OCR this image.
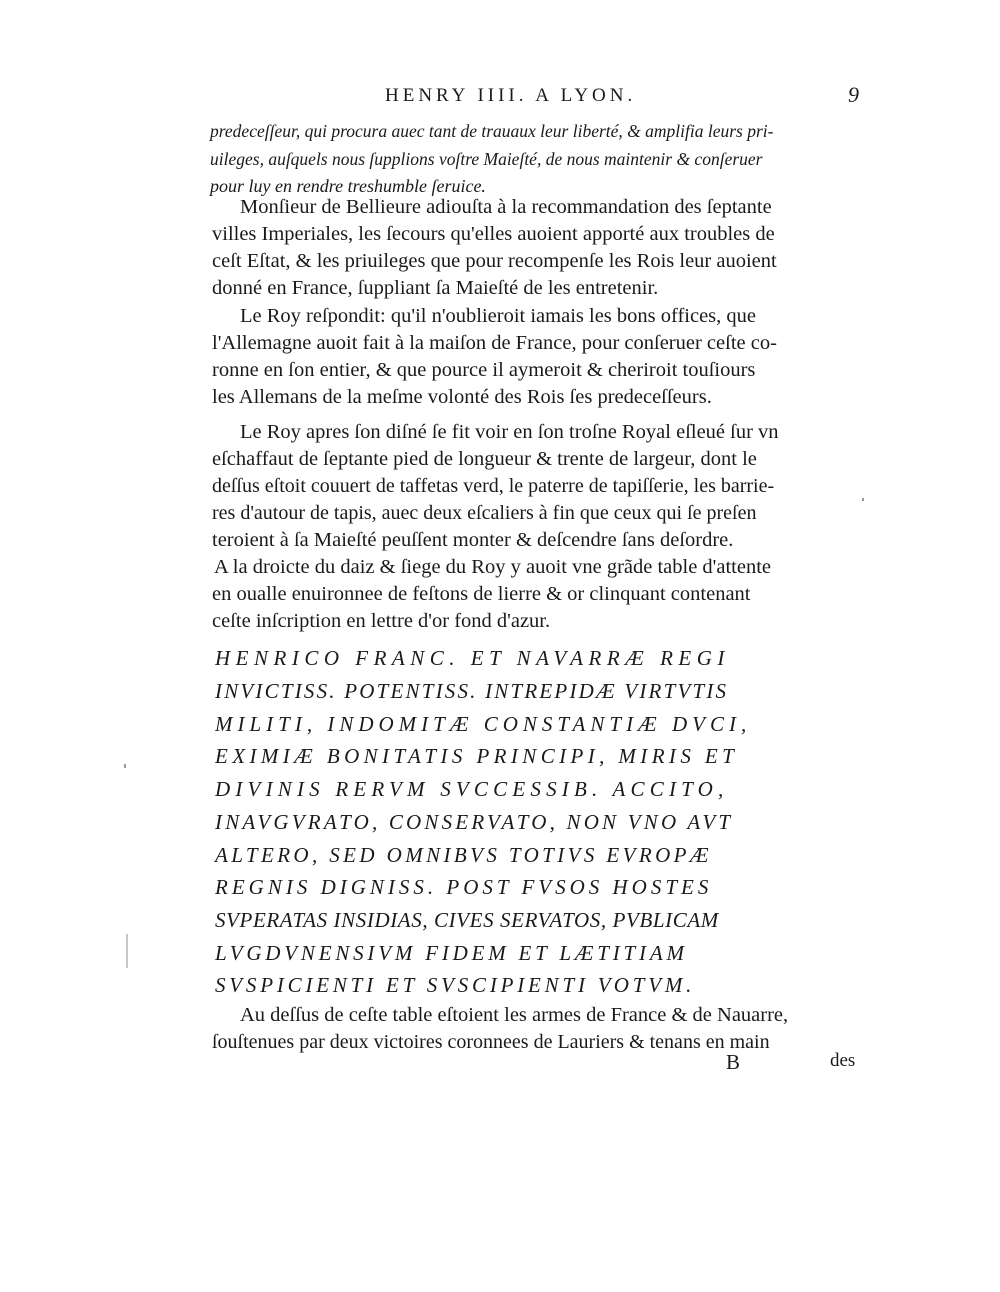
HENRY IIII. A LYON.	9
predeceſſeur, qui procura auec tant de trauaux leur liberté, & amplifia leurs pri-
uileges, auſquels nous ſupplions voſtre Maieſté, de nous maintenir & conſeruer
pour luy en rendre treshumble ſeruice.
Monſieur de Bellieure adiouſta à la recommandation des ſeptante
villes Imperiales, les ſecours qu'elles auoient apporté aux troubles de
ceſt Eſtat, & les priuileges que pour recompenſe les Rois leur auoient
donné en France, ſuppliant ſa Maieſté de les entretenir.
Le Roy reſpondit: qu'il n'oublieroit iamais les bons offices, que
l'Allemagne auoit fait à la maiſon de France, pour conſeruer ceſte co-
ronne en ſon entier, & que pource il aymeroit & cheriroit touſiours
les Allemans de la meſme volonté des Rois ſes predeceſſeurs.
Le Roy apres ſon diſné ſe fit voir en ſon troſne Royal eſleué ſur vn
eſchaffaut de ſeptante pied de longueur & trente de largeur, dont le
deſſus eſtoit couuert de taffetas verd, le paterre de tapiſſerie, les barrie-
res d'autour de tapis, auec deux eſcaliers à fin que ceux qui ſe preſen
teroient à ſa Maieſté peuſſent monter & deſcendre ſans deſordre.
A la droicte du daiz & ſiege du Roy y auoit vne grãde table d'attente
en oualle enuironnee de feſtons de lierre & or clinquant contenant
ceſte inſcription en lettre d'or fond d'azur.
HENRICO FRANC. ET NAVARRÆ REGI
INVICTISS. POTENTISS. INTREPIDÆ VIRTVTIS
MILITI, INDOMITÆ CONSTANTIÆ DVCI,
EXIMIÆ BONITATIS PRINCIPI, MIRIS ET
DIVINIS RERVM SVCCESSIB. ACCITO,
INAVGVRATO, CONSERVATO, NON VNO AVT
ALTERO, SED OMNIBVS TOTIVS EVROPÆ
REGNIS DIGNISS. POST FVSOS HOSTES
SVPERATAS INSIDIAS, CIVES SERVATOS, PVBLICAM
LVGDVNENSIVM FIDEM ET LÆTITIAM
SVSPICIENTI ET SVSCIPIENTI VOTVM.
Au deſſus de ceſte table eſtoient les armes de France & de Nauarre,
ſouſtenues par deux victoires coronnees de Lauriers & tenans en main
B	des
